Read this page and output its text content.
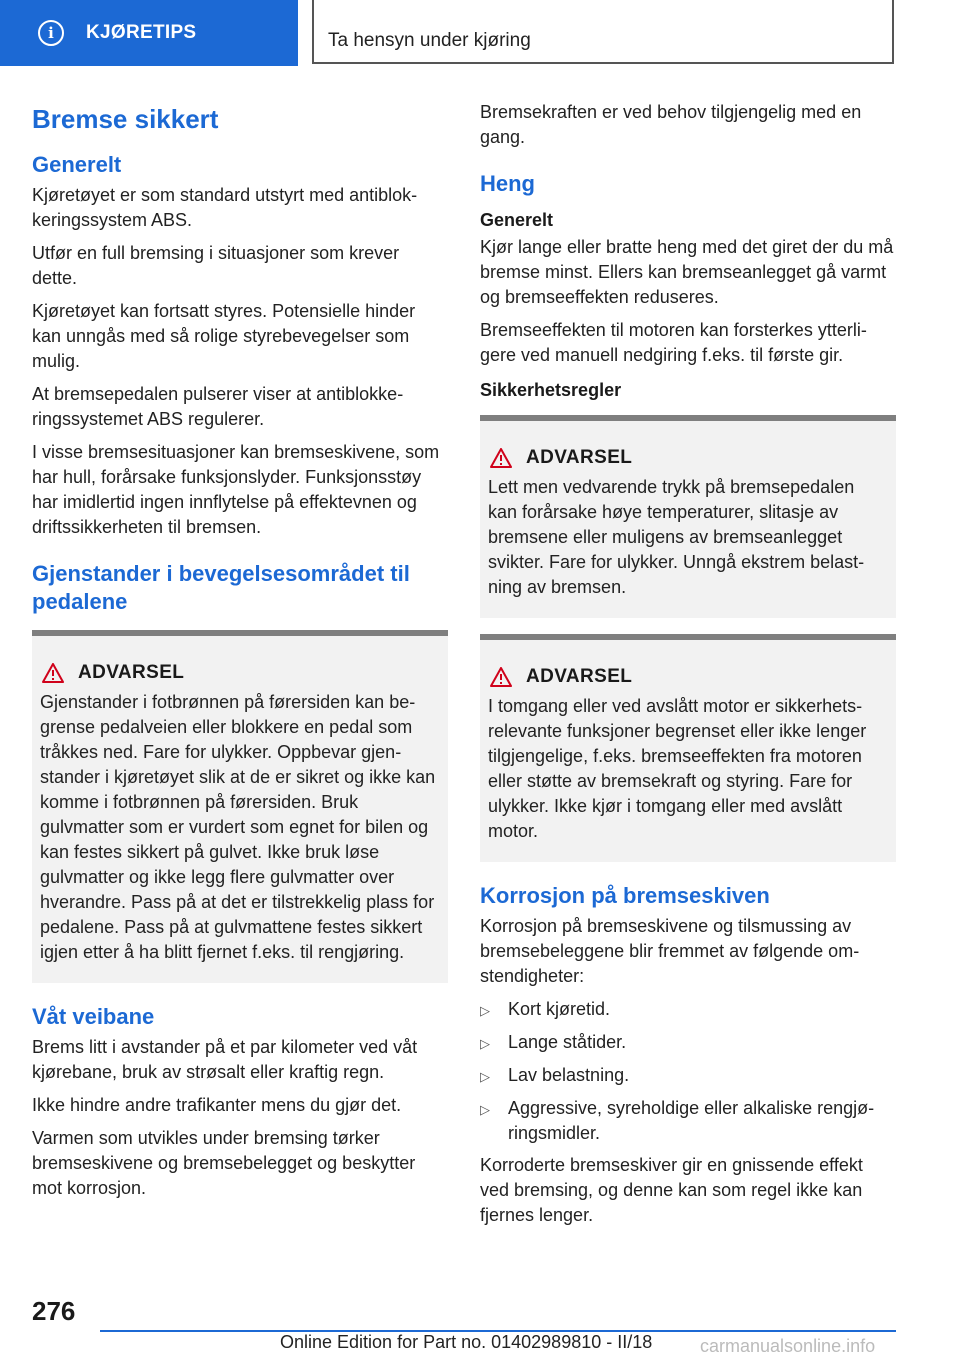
i	KJØRETIPS	Ta hensyn under kjøring
Bremse sikkert
Generelt

Kjøretøyet er som standard utstyrt med antiblokkeringssystem ABS.

Utfør en full bremsing i situasjoner som krever dette.

Kjøretøyet kan fortsatt styres. Potensielle hinder kan unngås med så rolige styrebevegelser som mulig.

At bremsepedalen pulserer viser at antiblokkeringssystemet ABS regulerer.

I visse bremsesituasjoner kan bremseskivene, som har hull, forårsake funksjonslyder. Funksjonsstøy har imidlertid ingen innflytelse på effektevnen og driftssikkerheten til bremsen.

Gjenstander i bevegelsesområdet til pedalene
ADVARSEL

Gjenstander i fotbrønnen på førersiden kan begrense pedalveien eller blokkere en pedal som tråkkes ned. Fare for ulykker. Oppbevar gjenstander i kjøretøyet slik at de er sikret og ikke kan komme i fotbrønnen på førersiden. Bruk gulvmatter som er vurdert som egnet for bilen og kan festes sikkert på gulvet. Ikke bruk løse gulvmatter og ikke legg flere gulvmatter over hverandre. Pass på at det er tilstrekkelig plass for pedalene. Pass på at gulvmattene festes sikkert igjen etter å ha blitt fjernet f.eks. til rengjøring.

Våt veibane

Brems litt i avstander på et par kilometer ved våt kjørebane, bruk av strøsalt eller kraftig regn.

Ikke hindre andre trafikanter mens du gjør det.

Varmen som utvikles under bremsing tørker bremseskivene og bremsebelegget og beskytter mot korrosjon.

Bremsekraften er ved behov tilgjengelig med en gang.

Heng
Generelt

Kjør lange eller bratte heng med det giret der du må bremse minst. Ellers kan bremseanlegget gå varmt og bremseeffekten reduseres.

Bremseeffekten til motoren kan forsterkes ytterligere ved manuell nedgiring f.eks. til første gir.

Sikkerhetsregler
ADVARSEL

Lett men vedvarende trykk på bremsepedalen kan forårsake høye temperaturer, slitasje av bremsene eller muligens av bremseanlegget svikter. Fare for ulykker. Unngå ekstrem belastning av bremsen.

ADVARSEL

I tomgang eller ved avslått motor er sikkerhetsrelevante funksjoner begrenset eller ikke lenger tilgjengelige, f.eks. bremseeffekten fra motoren eller støtte av bremsekraft og styring. Fare for ulykker. Ikke kjør i tomgang eller med avslått motor.

Korrosjon på bremseskiven

Korrosjon på bremseskivene og tilsmussing av bremsebeleggene blir fremmet av følgende omstendigheter:

▷	Kort kjøretid.
▷	Lange ståtider.
▷	Lav belastning.
▷	Aggressive, syreholdige eller alkaliske rengjøringsmidler.

Korroderte bremseskiver gir en gnissende effekt ved bremsing, og denne kan som regel ikke kan fjernes lenger.

276
Online Edition for Part no. 01402989810 - II/18	carmanualsonline.info
